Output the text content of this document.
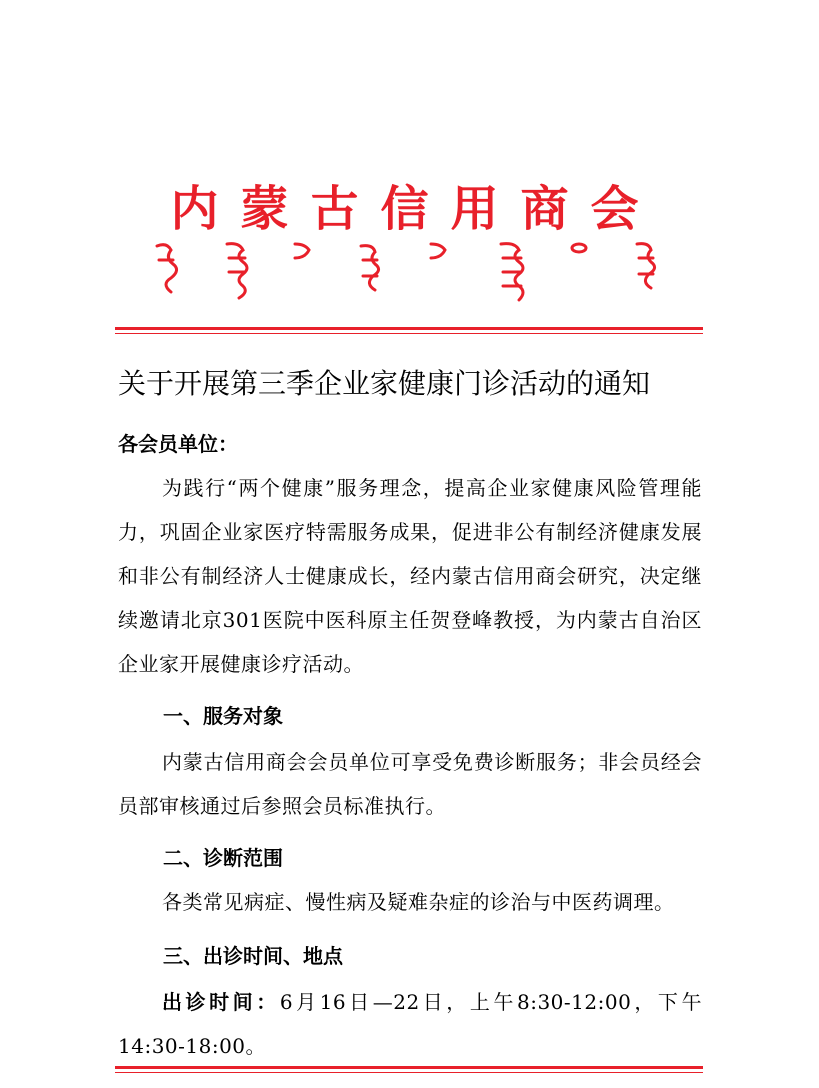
内蒙古信用商会
关于开展第三季企业家健康门诊活动的通知
各会员单位：
为践行“两个健康”服务理念，提高企业家健康风险管理能力，巩固企业家医疗特需服务成果，促进非公有制经济健康发展和非公有制经济人士健康成长，经内蒙古信用商会研究，决定继续邀请北京301医院中医科原主任贺登峰教授，为内蒙古自治区企业家开展健康诊疗活动。
一、服务对象
内蒙古信用商会会员单位可享受免费诊断服务；非会员经会员部审核通过后参照会员标准执行。
二、诊断范围
各类常见病症、慢性病及疑难杂症的诊治与中医药调理。
三、出诊时间、地点
出诊时间：6月16日—22日，上午8:30-12:00，下午14:30-18:00。
